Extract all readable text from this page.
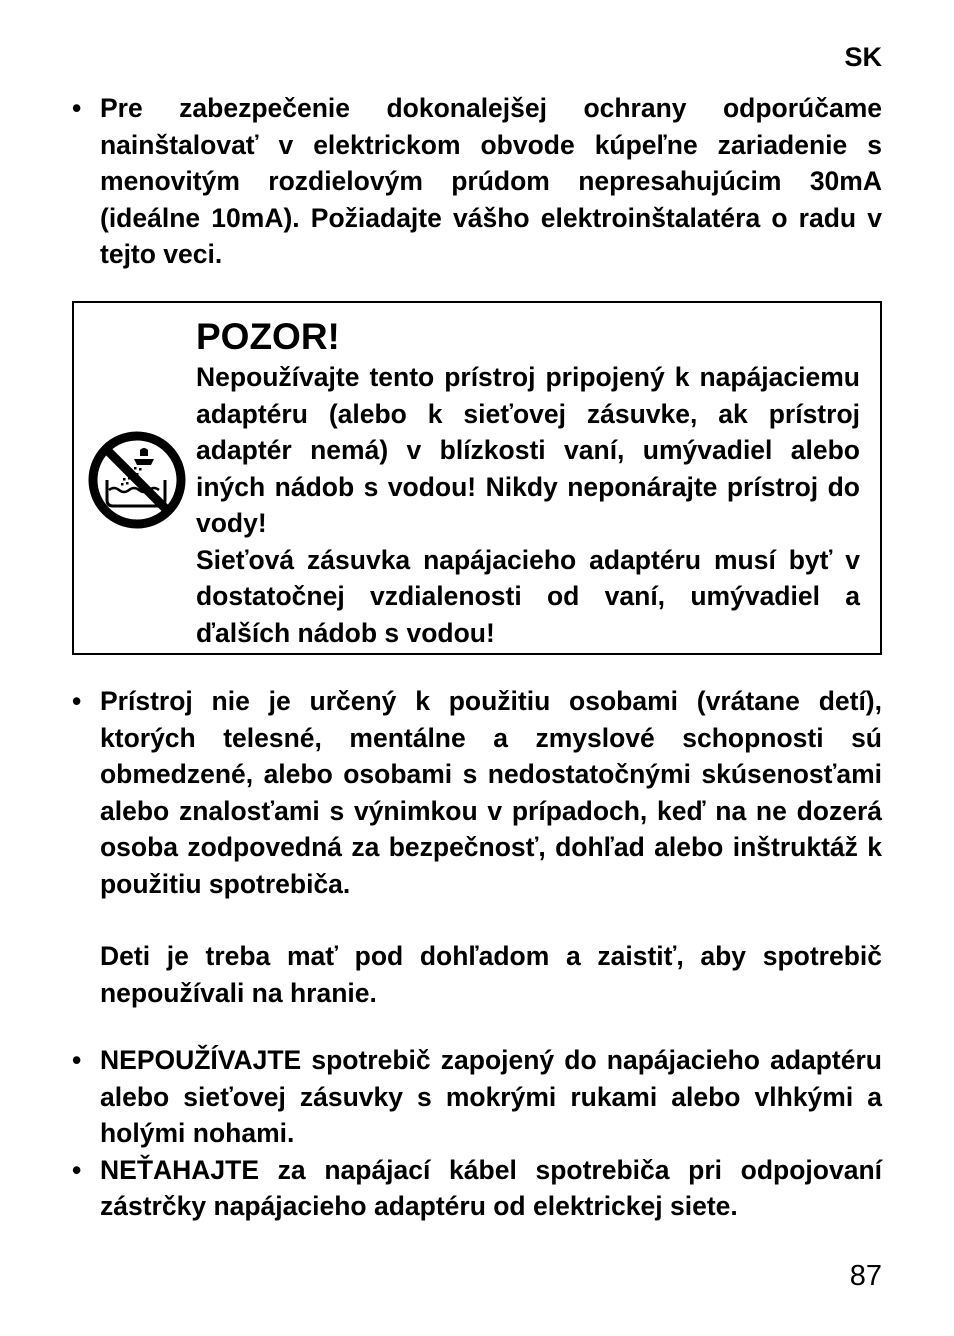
SK
• Pre zabezpečenie dokonalejšej ochrany odporúčame nainštalovať v elektrickom obvode kúpeľne zariadenie s menovitým rozdielovým prúdom nepresahujúcim 30mA (ideálne 10mA). Požiadajte vášho elektroinštalatéra o radu v tejto veci.

POZOR!

Nepoužívajte tento prístroj pripojený k napájaciemu adaptéru (alebo k sieťovej zásuvke, ak prístroj adaptér nemá) v blízkosti vaní, umývadiel alebo iných nádob s vodou! Nikdy neponárajte prístroj do vody!

Sieťová zásuvka napájacieho adaptéru musí byť v dostatočnej vzdialenosti od vaní, umývadiel a ďalších nádob s vodou!

• Prístroj nie je určený k použitiu osobami (vrátane detí), ktorých telesné, mentálne a zmyslové schopnosti sú obmedzené, alebo osobami s nedostatočnými skúsenosťami alebo znalosťami s výnimkou v prípadoch, keď na ne dozerá osoba zodpovedná za bezpečnosť, dohľad alebo inštruktáž k použitiu spotrebiča.

Deti je treba mať pod dohľadom a zaistiť, aby spotrebič nepoužívali na hranie.

• NEPOUŽÍVAJTE spotrebič zapojený do napájacieho adaptéru alebo sieťovej zásuvky s mokrými rukami alebo vlhkými a holými nohami.

• NEŤAHAJTE za napájací kábel spotrebiča pri odpojovaní zástrčky napájacieho adaptéru od elektrickej siete.

87
